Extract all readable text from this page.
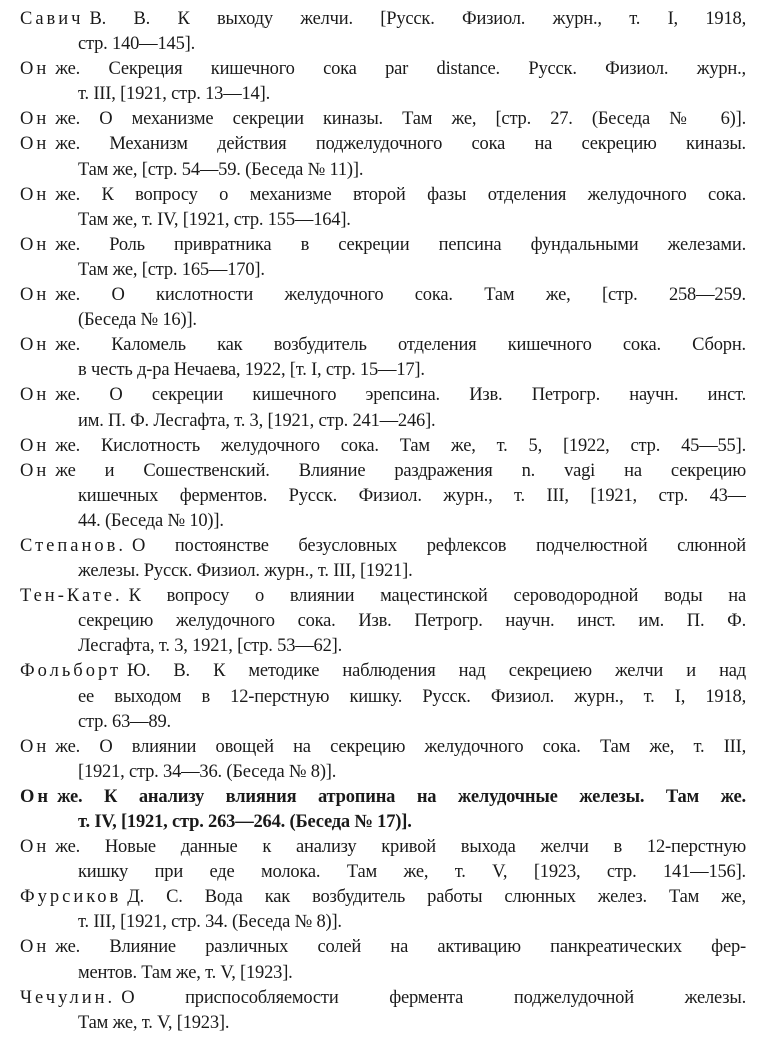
Савич В. В. К выходу желчи. [Русск. Физиол. журн., т. I, 1918,
стр. 140—145].
Он же. Секреция кишечного сока par distance. Русск. Физиол. журн.,
т. III, [1921, стр. 13—14].
Он же. О механизме секреции киназы. Там же, [стр. 27. (Беседа № 6)].
Он же. Механизм действия поджелудочного сока на секрецию киназы.
Там же, [стр. 54—59. (Беседа № 11)].
Он же. К вопросу о механизме второй фазы отделения желудочного сока.
Там же, т. IV, [1921, стр. 155—164].
Он же. Роль привратника в секреции пепсина фундальными железами.
Там же, [стр. 165—170].
Он же. О кислотности желудочного сока. Там же, [стр. 258—259.
(Беседа № 16)].
Он же. Каломель как возбудитель отделения кишечного сока. Сборн.
в честь д-ра Нечаева, 1922, [т. I, стр. 15—17].
Он же. О секреции кишечного эрепсина. Изв. Петрогр. научн. инст.
им. П. Ф. Лесгафта, т. 3, [1921, стр. 241—246].
Он же. Кислотность желудочного сока. Там же, т. 5, [1922, стр. 45—55].
Он же и Сошественский. Влияние раздражения n. vagi на секрецию
кишечных ферментов. Русск. Физиол. журн., т. III, [1921, стр. 43—
44. (Беседа № 10)].
Степанов. О постоянстве безусловных рефлексов подчелюстной слюнной
железы. Русск. Физиол. журн., т. III, [1921].
Тен-Кате. К вопросу о влиянии мацестинской сероводородной воды на
секрецию желудочного сока. Изв. Петрогр. научн. инст. им. П. Ф.
Лесгафта, т. 3, 1921, [стр. 53—62].
Фольборт Ю. В. К методике наблюдения над секрециею желчи и над
ее выходом в 12-перстную кишку. Русск. Физиол. журн., т. I, 1918,
стр. 63—89.
Он же. О влиянии овощей на секрецию желудочного сока. Там же, т. III,
[1921, стр. 34—36. (Беседа № 8)].
Он же. К анализу влияния атропина на желудочные железы. Там же.
т. IV, [1921, стр. 263—264. (Беседа № 17)].
Он же. Новые данные к анализу кривой выхода желчи в 12-перстную
кишку при еде молока. Там же, т. V, [1923, стр. 141—156].
Фурсиков Д. С. Вода как возбудитель работы слюнных желез. Там же,
т. III, [1921, стр. 34. (Беседа № 8)].
Он же. Влияние различных солей на активацию панкреатических фер-
ментов. Там же, т. V, [1923].
Чечулин. О приспособляемости фермента поджелудочной железы.
Там же, т. V, [1923].
